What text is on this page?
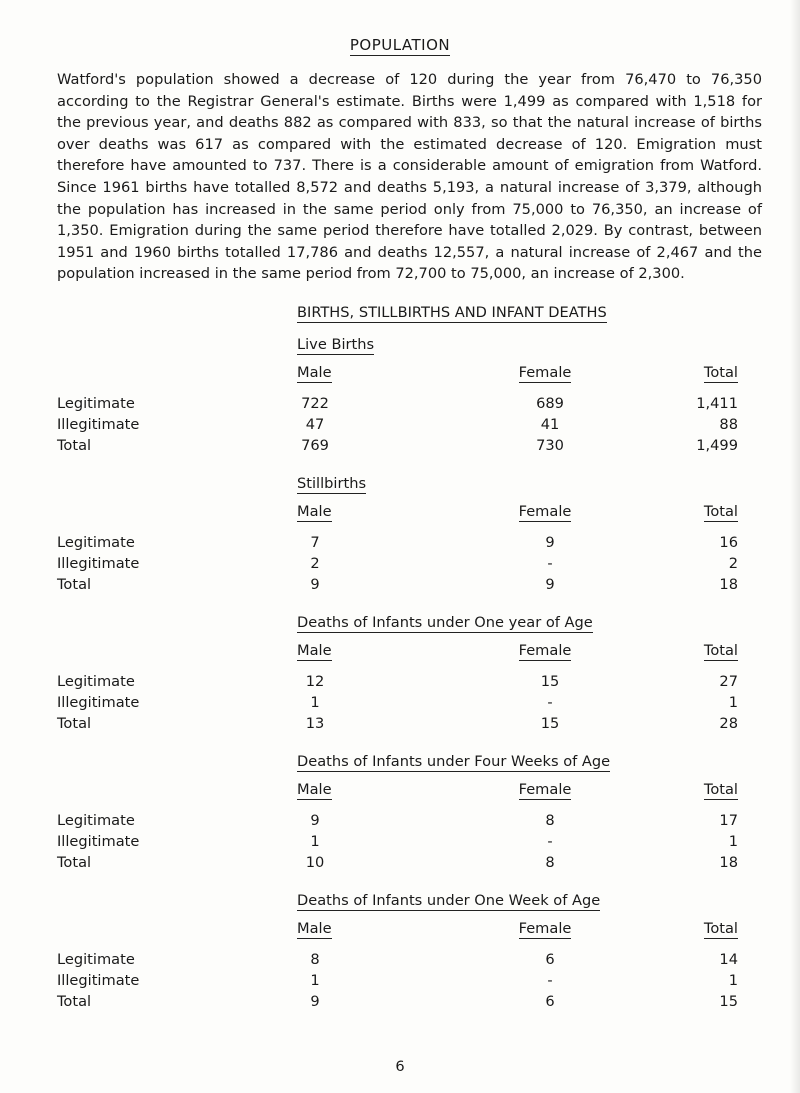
POPULATION
Watford's population showed a decrease of 120 during the year from 76,470 to 76,350 according to the Registrar General's estimate. Births were 1,499 as compared with 1,518 for the previous year, and deaths 882 as compared with 833, so that the natural increase of births over deaths was 617 as compared with the estimated decrease of 120. Emigration must therefore have amounted to 737. There is a considerable amount of emigration from Watford. Since 1961 births have totalled 8,572 and deaths 5,193, a natural increase of 3,379, although the population has increased in the same period only from 75,000 to 76,350, an increase of 1,350. Emigration during the same period therefore have totalled 2,029. By contrast, between 1951 and 1960 births totalled 17,786 and deaths 12,557, a natural increase of 2,467 and the population increased in the same period from 72,700 to 75,000, an increase of 2,300.
BIRTHS, STILLBIRTHS AND INFANT DEATHS
Live Births
Male	Female	Total
Legitimate	722	689	1,411
Illegitimate	47	41	88
Total	769	730	1,499
Stillbirths
Male	Female	Total
Legitimate	7	9	16
Illegitimate	2	-	2
Total	9	9	18
Deaths of Infants under One year of Age
Male	Female	Total
Legitimate	12	15	27
Illegitimate	1	-	1
Total	13	15	28
Deaths of Infants under Four Weeks of Age
Male	Female	Total
Legitimate	9	8	17
Illegitimate	1	-	1
Total	10	8	18
Deaths of Infants under One Week of Age
Male	Female	Total
Legitimate	8	6	14
Illegitimate	1	-	1
Total	9	6	15
6
